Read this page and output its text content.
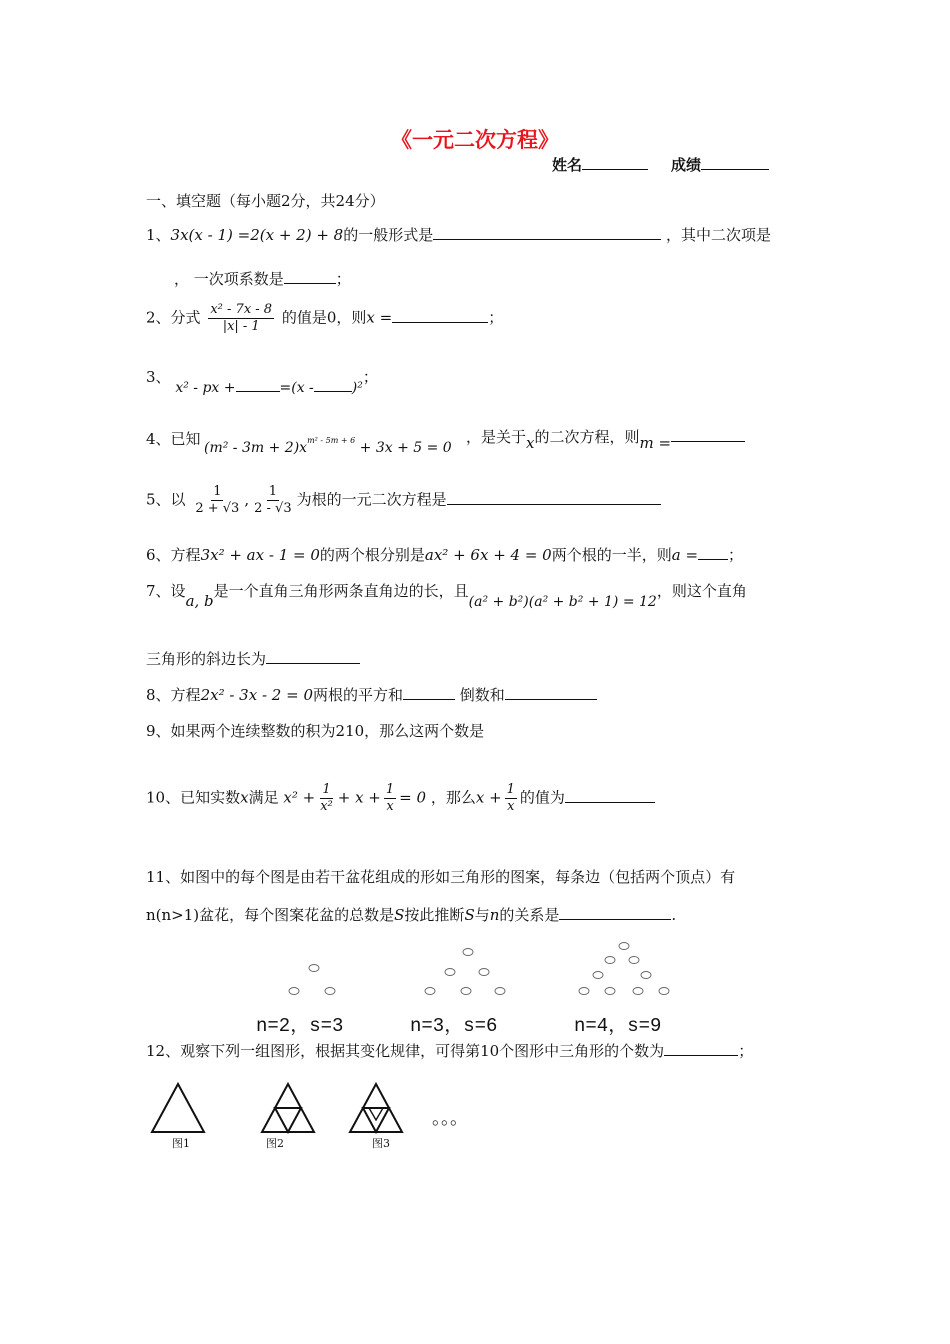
《一元二次方程》
姓名	成绩
一、填空题（每小题2分，共24分）
1、3x(x - 1) =2(x + 2) + 8的一般形式是	，其中二次项是
， 一次项系数是	；
2、分式 $\frac{\text{x² - 7x - 8}}{|x| - 1}$ 的值是0，则x =	；
3、 x² - px +	=(x -	)²；
4、已知 $(m^2 - 3m + 2)x^{m^2 - 5m + 6} + 3x + 5 = 0$
，是关于x的二次方程，则m =
5、以 $\frac{1}{2 + √3}$ , $\frac{1}{2 - √3}$ 为根的一元二次方程是
6、方程3x² + ax - 1 = 0的两个根分别是ax² + 6x + 4 = 0两个根的一半，则a = ；
7、设a, b是一个直角三角形两条直角边的长，且(a² + b²)(a² + b² + 1) = 12，则这个直角
三角形的斜边长为
8、方程2x² - 3x - 2 = 0两根的平方和	倒数和
9、如果两个连续整数的积为210，那么这两个数是
10、已知实数x满足 $x^2 + \frac{1}{\text{x²}} + x + \frac{1}{x} = 0$ ，那么$x + \frac{1}{x}$ 的值为
11、如图中的每个图是由若干盆花组成的形如三角形的图案，每条边（包括两个顶点）有
n(n>1)盆花，每个图案花盆的总数是S按此推断S与n的关系是	.
n=2，s=3	n=3，s=6	n=4，s=9
12、观察下列一组图形，根据其变化规律，可得第10个图形中三角形的个数为	；
图1	图2	图3
。。。
